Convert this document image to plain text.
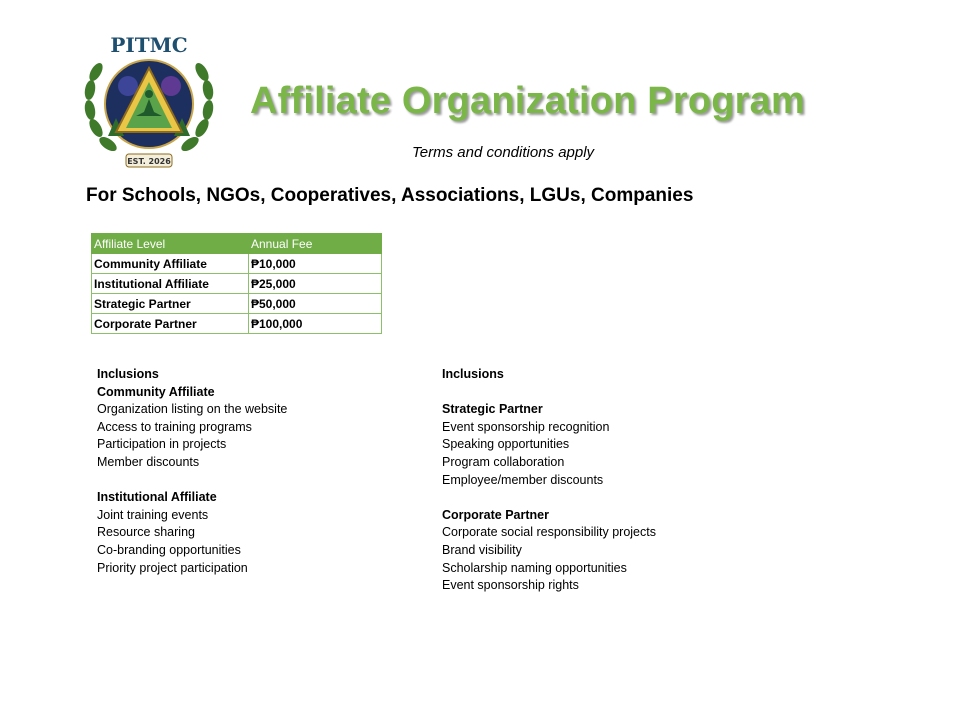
PITMC
EST. 2026
Affiliate Organization Program
Terms and conditions apply
For Schools, NGOs, Cooperatives, Associations, LGUs, Companies
Affiliate Level	Annual Fee
Community Affiliate	₱10,000
Institutional Affiliate	₱25,000
Strategic Partner	₱50,000
Corporate Partner	₱100,000
Inclusions
Community Affiliate
Organization listing on the website
Access to training programs
Participation in projects
Member discounts
Institutional Affiliate
Joint training events
Resource sharing
Co-branding opportunities
Priority project participation
Inclusions
Strategic Partner
Event sponsorship recognition
Speaking opportunities
Program collaboration
Employee/member discounts
Corporate Partner
Corporate social responsibility projects
Brand visibility
Scholarship naming opportunities
Event sponsorship rights
